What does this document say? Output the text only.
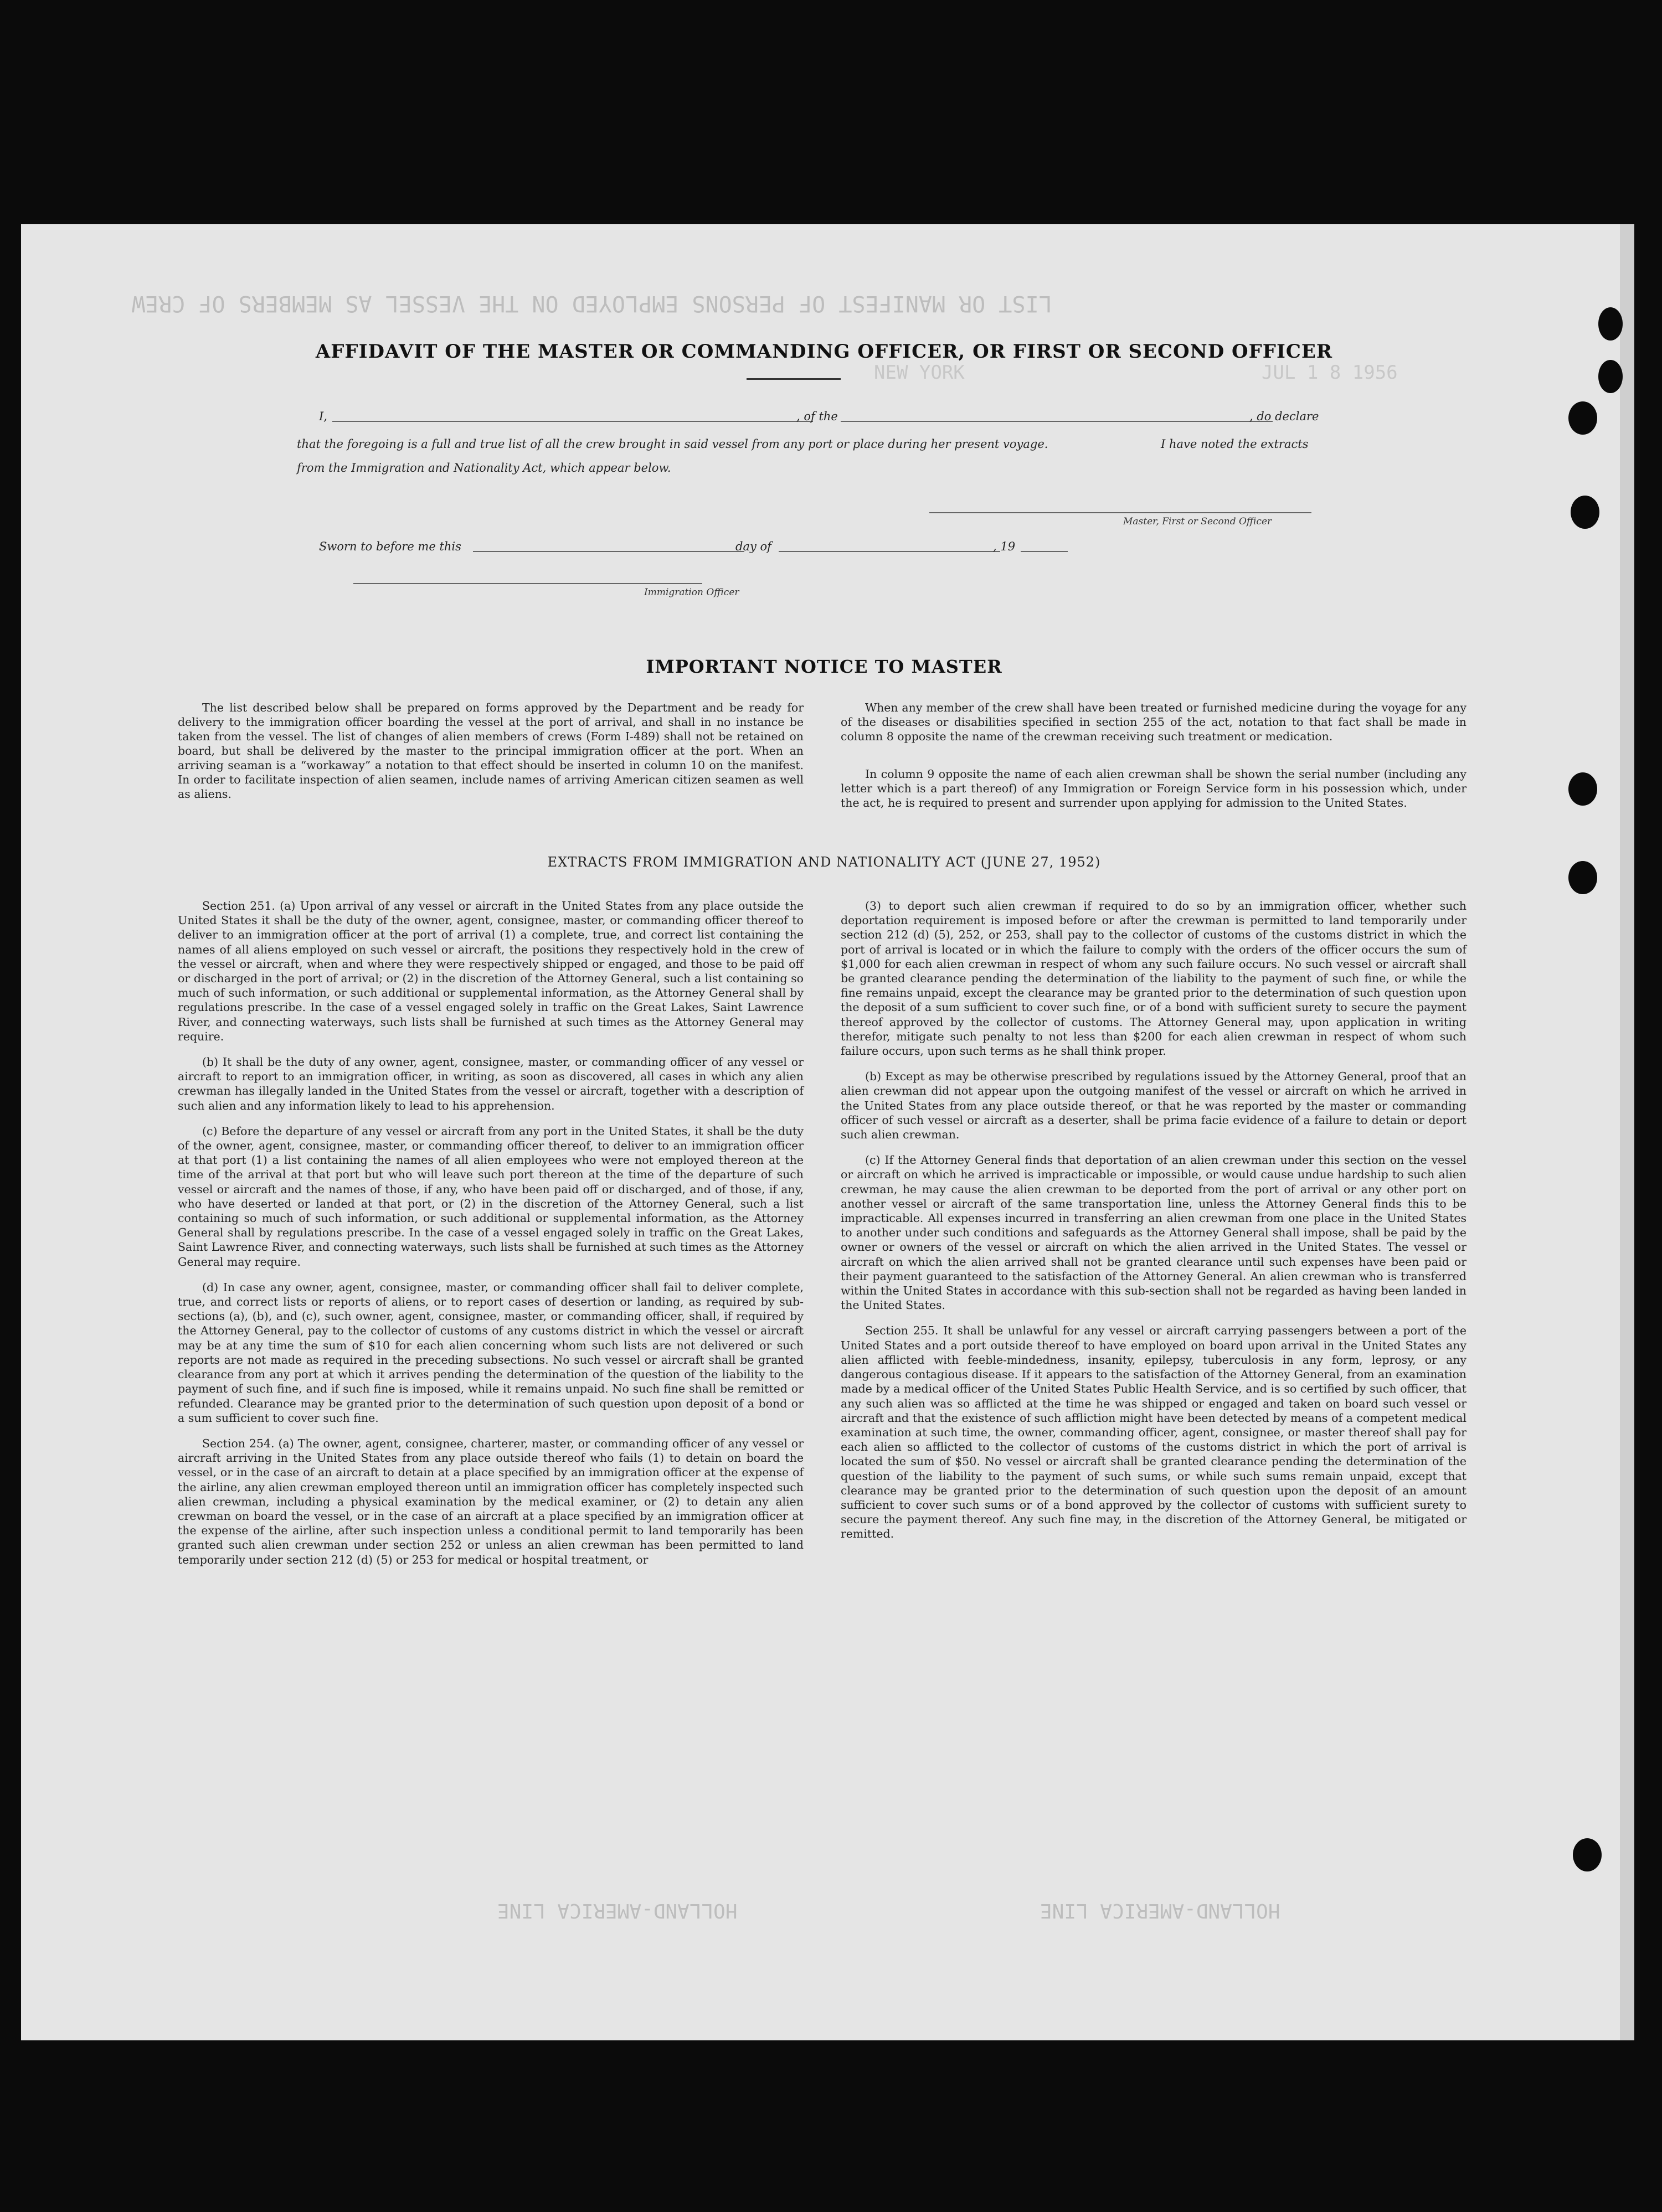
LIST OR MANIFEST OF PERSONS EMPLOYED ON THE VESSEL AS MEMBERS OF CREW
NEW YORK	JUL 1 8 1956
HOLLAND-AMERICA LINE	HOLLAND-AMERICA LINE
AFFIDAVIT OF THE MASTER OR COMMANDING OFFICER, OR FIRST OR SECOND OFFICER
I,	, of the	, do declare
that the foregoing is a full and true list of all the crew brought in said vessel from any port or place during her present voyage.	I have noted the extracts
from the Immigration and Nationality Act, which appear below.
Master, First or Second Officer
Sworn to before me this	day of	, 19
Immigration Officer
IMPORTANT NOTICE TO MASTER
The list described below shall be prepared on forms approved by the Department and be ready for delivery to the immigration officer boarding the vessel at the port of arrival, and shall in no instance be taken from the vessel. The list of changes of alien members of crews (Form I-489) shall not be retained on board, but shall be delivered by the master to the principal immigration officer at the port. When an arriving seaman is a “workaway” a notation to that effect should be inserted in column 10 on the manifest. In order to facilitate inspection of alien seamen, include names of arriving American citizen seamen as well as aliens.
When any member of the crew shall have been treated or furnished medicine during the voyage for any of the diseases or disabilities specified in section 255 of the act, notation to that fact shall be made in column 8 opposite the name of the crewman receiving such treatment or medication.
In column 9 opposite the name of each alien crewman shall be shown the serial number (including any letter which is a part thereof) of any Immigration or Foreign Service form in his possession which, under the act, he is required to present and surrender upon applying for admission to the United States.
EXTRACTS FROM IMMIGRATION AND NATIONALITY ACT (JUNE 27, 1952)

Section 251. (a) Upon arrival of any vessel or aircraft in the United States from any place outside the United States it shall be the duty of the owner, agent, consignee, master, or commanding officer thereof to deliver to an immigration officer at the port of arrival (1) a complete, true, and correct list containing the names of all aliens employed on such vessel or aircraft, the positions they respectively hold in the crew of the vessel or aircraft, when and where they were respectively shipped or engaged, and those to be paid off or discharged in the port of arrival; or (2) in the discretion of the Attorney General, such a list containing so much of such information, or such additional or supplemental information, as the Attorney General shall by regulations prescribe. In the case of a vessel engaged solely in traffic on the Great Lakes, Saint Lawrence River, and connecting waterways, such lists shall be furnished at such times as the Attorney General may require.

(b) It shall be the duty of any owner, agent, consignee, master, or commanding officer of any vessel or aircraft to report to an immigration officer, in writing, as soon as discovered, all cases in which any alien crewman has illegally landed in the United States from the vessel or aircraft, together with a description of such alien and any information likely to lead to his apprehension.

(c) Before the departure of any vessel or aircraft from any port in the United States, it shall be the duty of the owner, agent, consignee, master, or commanding officer thereof, to deliver to an immigration officer at that port (1) a list containing the names of all alien employees who were not employed thereon at the time of the arrival at that port but who will leave such port thereon at the time of the departure of such vessel or aircraft and the names of those, if any, who have been paid off or discharged, and of those, if any, who have deserted or landed at that port, or (2) in the discretion of the Attorney General, such a list containing so much of such information, or such additional or supplemental information, as the Attorney General shall by regulations prescribe. In the case of a vessel engaged solely in traffic on the Great Lakes, Saint Lawrence River, and connecting waterways, such lists shall be furnished at such times as the Attorney General may require.

(d) In case any owner, agent, consignee, master, or commanding officer shall fail to deliver complete, true, and correct lists or reports of aliens, or to report cases of desertion or landing, as required by sub-sections (a), (b), and (c), such owner, agent, consignee, master, or commanding officer, shall, if required by the Attorney General, pay to the collector of customs of any customs district in which the vessel or aircraft may be at any time the sum of $10 for each alien concerning whom such lists are not delivered or such reports are not made as required in the preceding subsections. No such vessel or aircraft shall be granted clearance from any port at which it arrives pending the determination of the question of the liability to the payment of such fine, and if such fine is imposed, while it remains unpaid. No such fine shall be remitted or refunded. Clearance may be granted prior to the determination of such question upon deposit of a bond or a sum sufficient to cover such fine.

Section 254. (a) The owner, agent, consignee, charterer, master, or commanding officer of any vessel or aircraft arriving in the United States from any place outside thereof who fails (1) to detain on board the vessel, or in the case of an aircraft to detain at a place specified by an immigration officer at the expense of the airline, any alien crewman employed thereon until an immigration officer has completely inspected such alien crewman, including a physical examination by the medical examiner, or (2) to detain any alien crewman on board the vessel, or in the case of an aircraft at a place specified by an immigration officer at the expense of the airline, after such inspection unless a conditional permit to land temporarily has been granted such alien crewman under section 252 or unless an alien crewman has been permitted to land temporarily under section 212 (d) (5) or 253 for medical or hospital treatment, or

(3) to deport such alien crewman if required to do so by an immigration officer, whether such deportation requirement is imposed before or after the crewman is permitted to land temporarily under section 212 (d) (5), 252, or 253, shall pay to the collector of customs of the customs district in which the port of arrival is located or in which the failure to comply with the orders of the officer occurs the sum of $1,000 for each alien crewman in respect of whom any such failure occurs. No such vessel or aircraft shall be granted clearance pending the determination of the liability to the payment of such fine, or while the fine remains unpaid, except the clearance may be granted prior to the determination of such question upon the deposit of a sum sufficient to cover such fine, or of a bond with sufficient surety to secure the payment thereof approved by the collector of customs. The Attorney General may, upon application in writing therefor, mitigate such penalty to not less than $200 for each alien crewman in respect of whom such failure occurs, upon such terms as he shall think proper.

(b) Except as may be otherwise prescribed by regulations issued by the Attorney General, proof that an alien crewman did not appear upon the outgoing manifest of the vessel or aircraft on which he arrived in the United States from any place outside thereof, or that he was reported by the master or commanding officer of such vessel or aircraft as a deserter, shall be prima facie evidence of a failure to detain or deport such alien crewman.

(c) If the Attorney General finds that deportation of an alien crewman under this section on the vessel or aircraft on which he arrived is impracticable or impossible, or would cause undue hardship to such alien crewman, he may cause the alien crewman to be deported from the port of arrival or any other port on another vessel or aircraft of the same transportation line, unless the Attorney General finds this to be impracticable. All expenses incurred in transferring an alien crewman from one place in the United States to another under such conditions and safeguards as the Attorney General shall impose, shall be paid by the owner or owners of the vessel or aircraft on which the alien arrived in the United States. The vessel or aircraft on which the alien arrived shall not be granted clearance until such expenses have been paid or their payment guaranteed to the satisfaction of the Attorney General. An alien crewman who is transferred within the United States in accordance with this sub-section shall not be regarded as having been landed in the United States.

Section 255. It shall be unlawful for any vessel or aircraft carrying passengers between a port of the United States and a port outside thereof to have employed on board upon arrival in the United States any alien afflicted with feeble-mindedness, insanity, epilepsy, tuberculosis in any form, leprosy, or any dangerous contagious disease. If it appears to the satisfaction of the Attorney General, from an examination made by a medical officer of the United States Public Health Service, and is so certified by such officer, that any such alien was so afflicted at the time he was shipped or engaged and taken on board such vessel or aircraft and that the existence of such affliction might have been detected by means of a competent medical examination at such time, the owner, commanding officer, agent, consignee, or master thereof shall pay for each alien so afflicted to the collector of customs of the customs district in which the port of arrival is located the sum of $50. No vessel or aircraft shall be granted clearance pending the determination of the question of the liability to the payment of such sums, or while such sums remain unpaid, except that clearance may be granted prior to the determination of such question upon the deposit of an amount sufficient to cover such sums or of a bond approved by the collector of customs with sufficient surety to secure the payment thereof. Any such fine may, in the discretion of the Attorney General, be mitigated or remitted.
